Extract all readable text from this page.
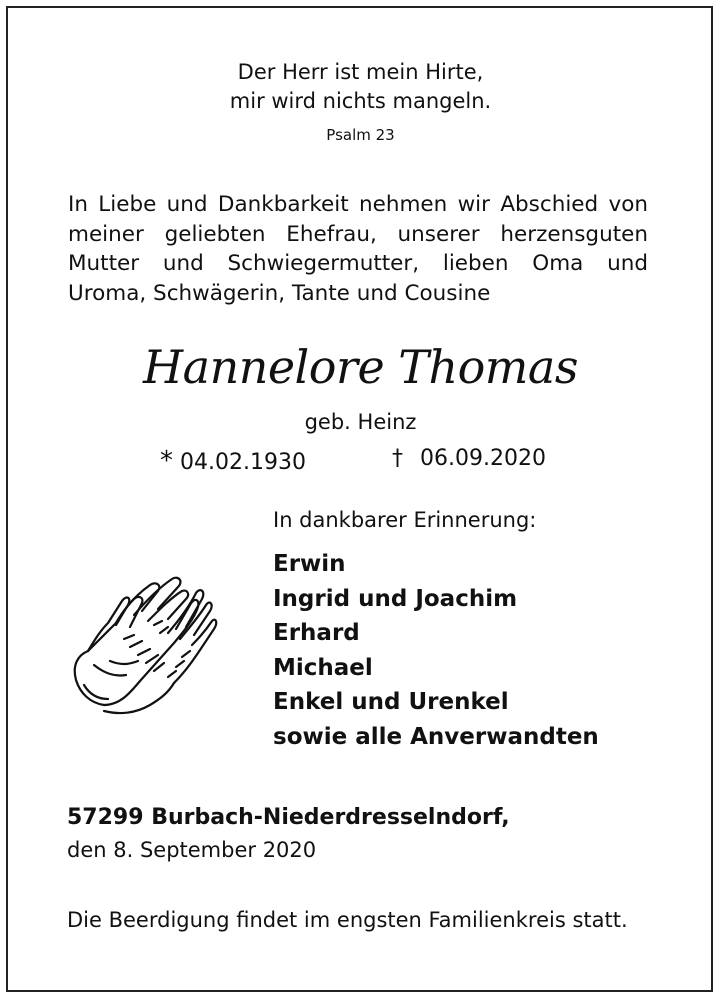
Der Herr ist mein Hirte,
mir wird nichts mangeln.
Psalm 23
In Liebe und Dankbarkeit nehmen wir Abschied von
meiner geliebten Ehefrau, unserer herzensguten
Mutter und Schwiegermutter, lieben Oma und
Uroma, Schwägerin, Tante und Cousine
Hannelore Thomas
geb. Heinz
* 04.02.1930	† 06.09.2020
In dankbarer Erinnerung:
Erwin
Ingrid und Joachim
Erhard
Michael
Enkel und Urenkel
sowie alle Anverwandten
57299 Burbach-Niederdresselndorf,
den 8. September 2020
Die Beerdigung findet im engsten Familienkreis statt.
